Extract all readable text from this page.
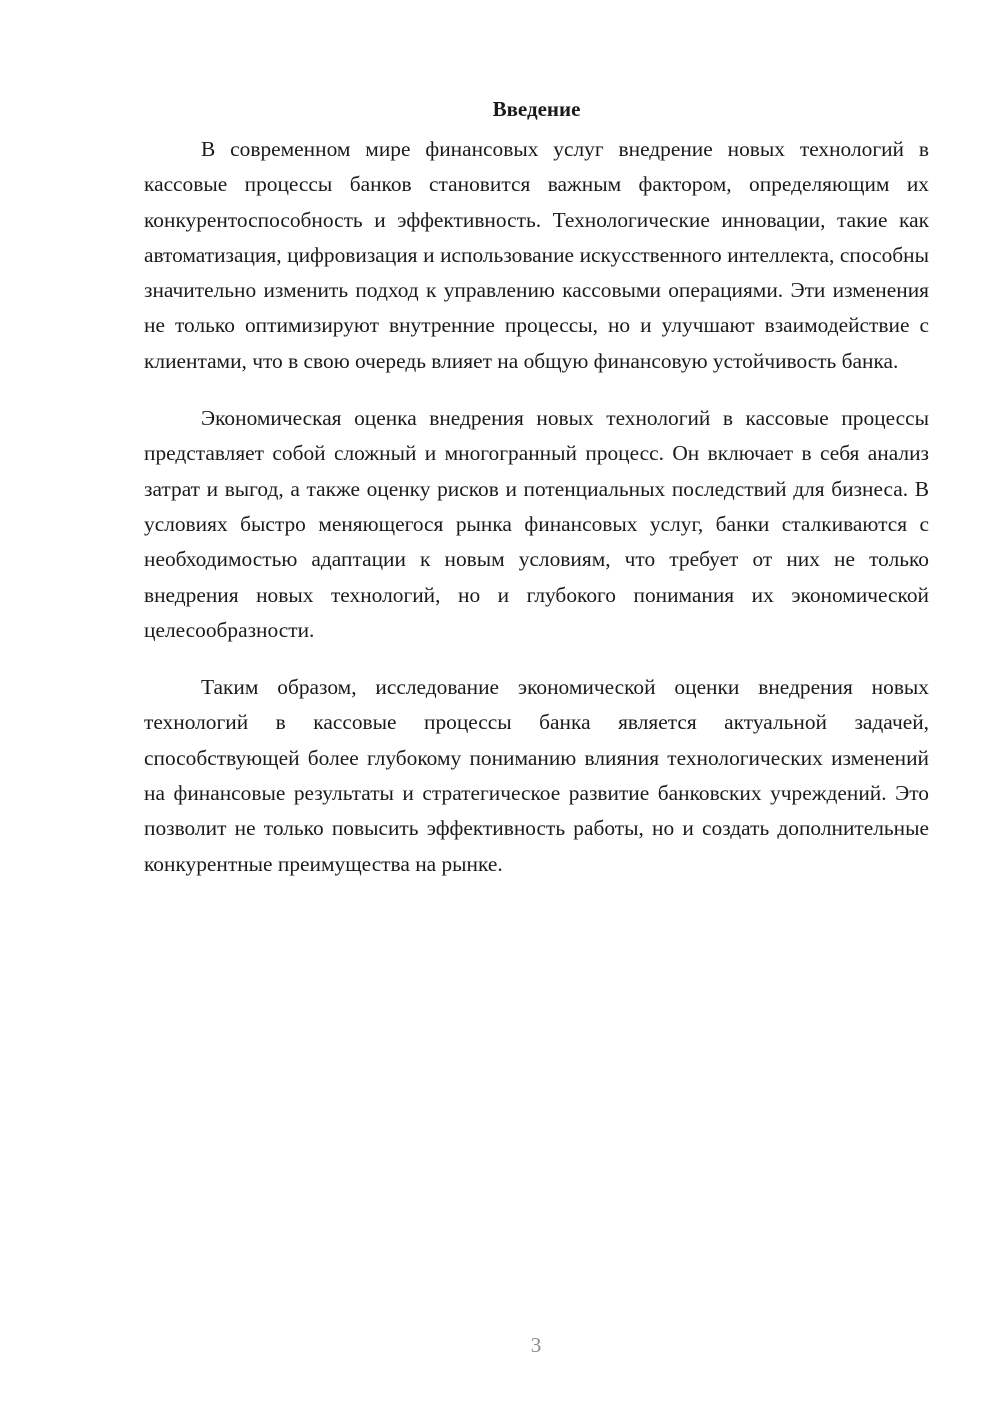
Введение

В современном мире финансовых услуг внедрение новых технологий в кассовые процессы банков становится важным фактором, определяющим их конкурентоспособность и эффективность. Технологические инновации, такие как автоматизация, цифровизация и использование искусственного интеллекта, способны значительно изменить подход к управлению кассовыми операциями. Эти изменения не только оптимизируют внутренние процессы, но и улучшают взаимодействие с клиентами, что в свою очередь влияет на общую финансовую устойчивость банка.

Экономическая оценка внедрения новых технологий в кассовые процессы представляет собой сложный и многогранный процесс. Он включает в себя анализ затрат и выгод, а также оценку рисков и потенциальных последствий для бизнеса. В условиях быстро меняющегося рынка финансовых услуг, банки сталкиваются с необходимостью адаптации к новым условиям, что требует от них не только внедрения новых технологий, но и глубокого понимания их экономической целесообразности.

Таким образом, исследование экономической оценки внедрения новых технологий в кассовые процессы банка является актуальной задачей, способствующей более глубокому пониманию влияния технологических изменений на финансовые результаты и стратегическое развитие банковских учреждений. Это позволит не только повысить эффективность работы, но и создать дополнительные конкурентные преимущества на рынке.

3
